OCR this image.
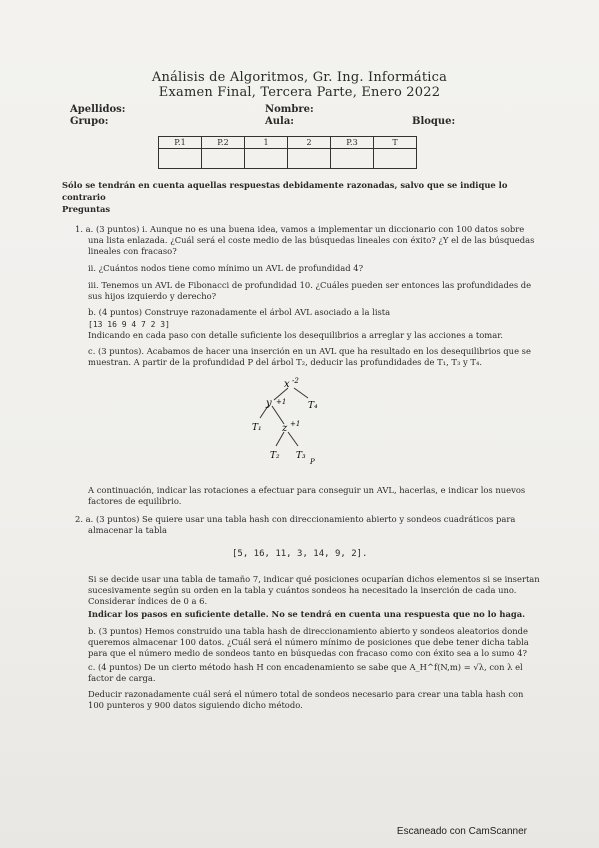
Análisis de Algoritmos, Gr. Ing. Informática
Examen Final, Tercera Parte, Enero 2022
Apellidos:
Grupo:
Nombre:
Aula:	Bloque:
P.1	P.2	1	2	P.3	T

Sólo se tendrán en cuenta aquellas respuestas debidamente razonadas, salvo que se indique lo
contrario
Preguntas
1. a. (3 puntos) i. Aunque no es una buena idea, vamos a implementar un diccionario con 100 datos sobre
una lista enlazada. ¿Cuál será el coste medio de las búsquedas lineales con éxito? ¿Y el de las búsquedas
lineales con fracaso?
ii. ¿Cuántos nodos tiene como mínimo un AVL de profundidad 4?
iii. Tenemos un AVL de Fibonacci de profundidad 10. ¿Cuáles pueden ser entonces las profundidades de
sus hijos izquierdo y derecho?
b. (4 puntos) Construye razonadamente el árbol AVL asociado a la lista
[13 16 9 4 7 2 3]
Indicando en cada paso con detalle suficiente los desequilibrios a arreglar y las acciones a tomar.
c. (3 puntos). Acabamos de hacer una inserción en un AVL que ha resultado en los desequilibrios que se
muestran. A partir de la profundidad P del árbol T₂, deducir las profundidades de T₁, T₃ y T₄.
x -2
y +1
z +1
T₄
T₁
T₂ T₃
P
A continuación, indicar las rotaciones a efectuar para conseguir un AVL, hacerlas, e indicar los nuevos
factores de equilibrio.
2. a. (3 puntos) Se quiere usar una tabla hash con direccionamiento abierto y sondeos cuadráticos para
almacenar la tabla
[5, 16, 11, 3, 14, 9, 2].
Si se decide usar una tabla de tamaño 7, indicar qué posiciones ocuparían dichos elementos si se insertan
sucesivamente según su orden en la tabla y cuántos sondeos ha necesitado la inserción de cada uno.
Considerar índices de 0 a 6.
Indicar los pasos en suficiente detalle. No se tendrá en cuenta una respuesta que no lo haga.
b. (3 puntos) Hemos construido una tabla hash de direccionamiento abierto y sondeos aleatorios donde
queremos almacenar 100 datos. ¿Cuál será el número mínimo de posiciones que debe tener dicha tabla
para que el número medio de sondeos tanto en búsquedas con fracaso como con éxito sea a lo sumo 4?
c. (4 puntos) De un cierto método hash H con encadenamiento se sabe que A_H^f(N,m) = √λ, con λ el
factor de carga.
Deducir razonadamente cuál será el número total de sondeos necesario para crear una tabla hash con
100 punteros y 900 datos siguiendo dicho método.
Escaneado con CamScanner
